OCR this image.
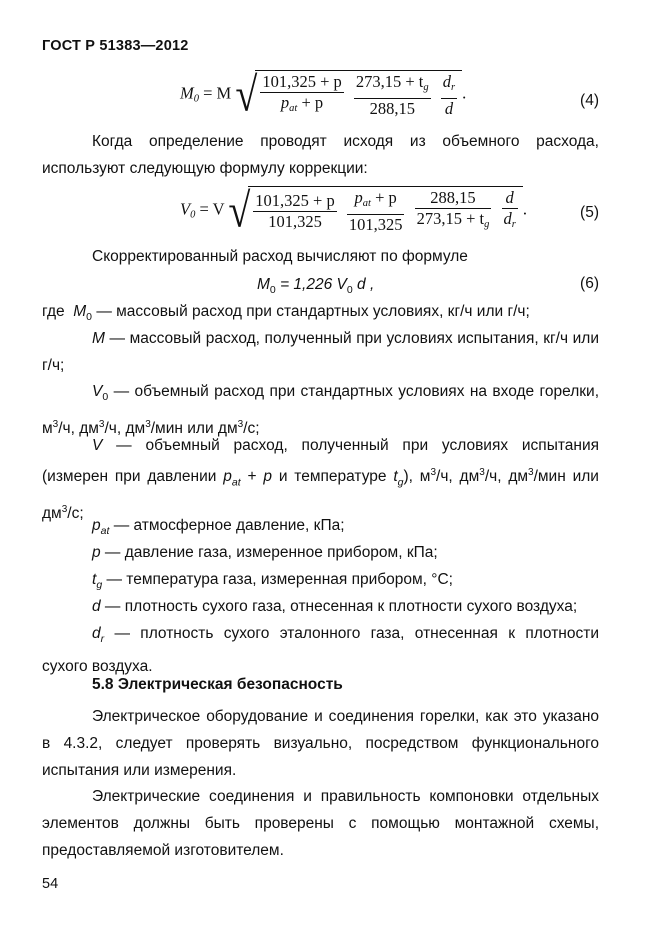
ГОСТ Р 51383—2012
$M_0 = M$ √ $\frac{101,325 + p}{p_{at} + p}$
$\frac{273,15 + t_g}{288,15}$
$\frac{d_r}{d}$ .	(4)
Когда определение проводят исходя из объемного расхода, используют следующую формулу коррекции:
$V_0 = V$ √ $\frac{101,325 + p}{101,325}$
$\frac{p_{at} + p}{101,325}$
$\frac{288,15}{273,15 + t_g}$
$\frac{d}{d_r}$ .	(5)
Скорректированный расход вычисляют по формуле
$M_0 = 1,226$ $V_0$ d ,	(6)
где $M_0$ — массовый расход при стандартных условиях, кг/ч или г/ч;
M — массовый расход, полученный при условиях испытания, кг/ч или г/ч;
$V_0$ — объемный расход при стандартных условиях на входе горелки, $м^3/ч$, $дм^3/ч$, $дм^3$/мин или $дм^3/с$;
V — объемный расход, полученный при условиях испытания (измерен при давлении $p_{at} + p$ и температуре $t_g$), $м^3/ч$, $дм^3/ч$, $дм^3$/мин или $дм^3/с$;
$p_{at}$ — атмосферное давление, кПа;
p — давление газа, измеренное прибором, кПа;
$t_g$ — температура газа, измеренная прибором, °С;
d — плотность сухого газа, отнесенная к плотности сухого воздуха;
$d_r$ — плотность сухого эталонного газа, отнесенная к плотности сухого воздуха.
5.8 Электрическая безопасность
Электрическое оборудование и соединения горелки, как это указано в 4.3.2, следует проверять визуально, посредством функционального испытания или измерения.
Электрические соединения и правильность компоновки отдельных элементов должны быть проверены с помощью монтажной схемы, предоставляемой изготовителем.
54
